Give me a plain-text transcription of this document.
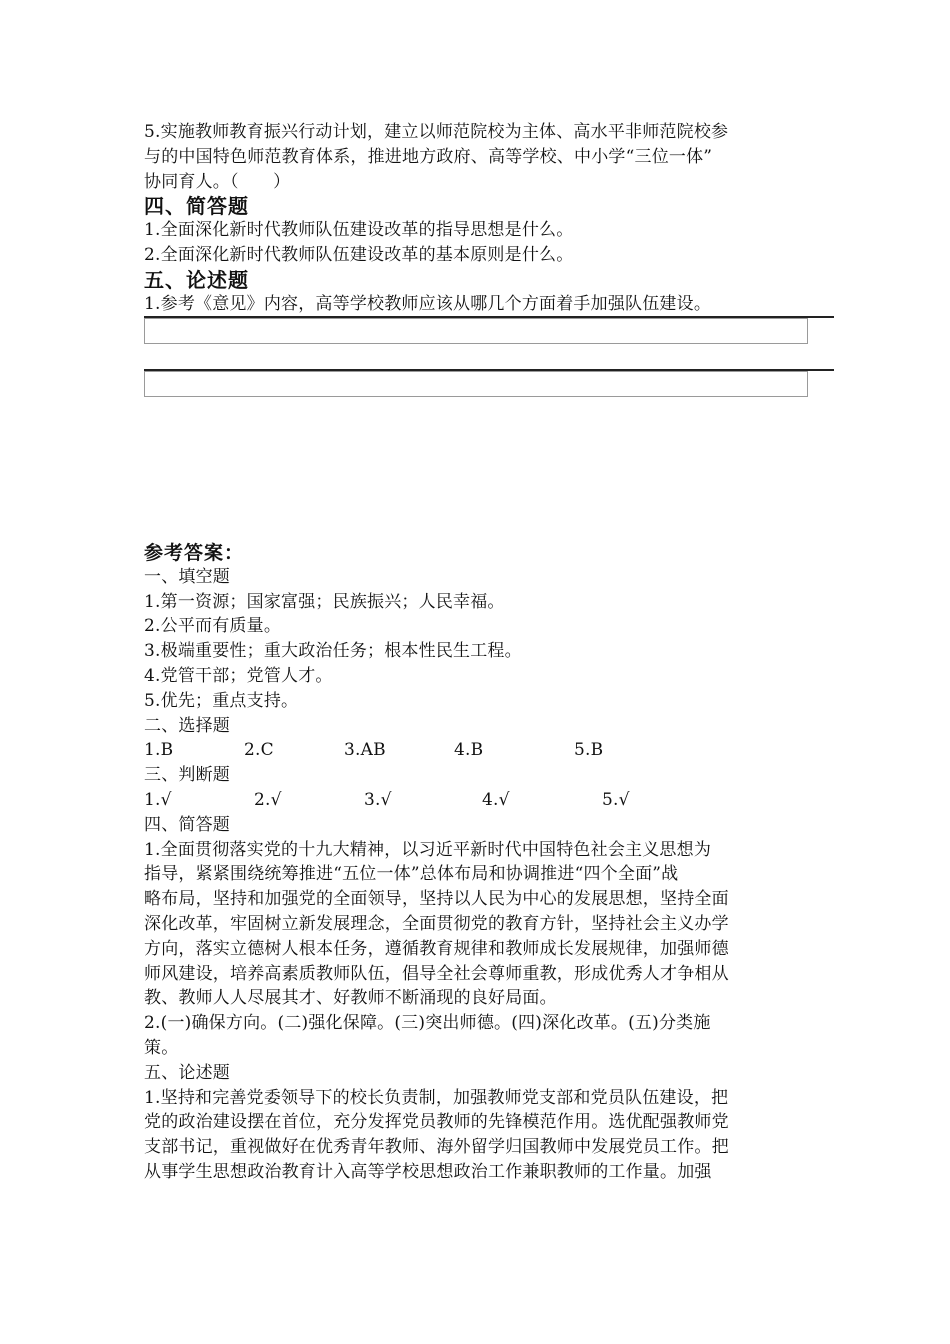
5.实施教师教育振兴行动计划，建立以师范院校为主体、高水平非师范院校参
与的中国特色师范教育体系，推进地方政府、高等学校、中小学“三位一体”
协同育人。（　　）
四、简答题
1.全面深化新时代教师队伍建设改革的指导思想是什么。
2.全面深化新时代教师队伍建设改革的基本原则是什么。
五、论述题
1.参考《意见》内容，高等学校教师应该从哪几个方面着手加强队伍建设。
参考答案：
一、填空题
1.第一资源；国家富强；民族振兴；人民幸福。
2.公平而有质量。
3.极端重要性；重大政治任务；根本性民生工程。
4.党管干部；党管人才。
5.优先；重点支持。
二、选择题
1.B	2.C	3.AB	4.B	5.B
三、判断题
1.√	2.√	3.√	4.√	5.√
四、简答题
1.全面贯彻落实党的十九大精神，以习近平新时代中国特色社会主义思想为
指导，紧紧围绕统筹推进“五位一体”总体布局和协调推进“四个全面”战
略布局，坚持和加强党的全面领导，坚持以人民为中心的发展思想，坚持全面
深化改革，牢固树立新发展理念，全面贯彻党的教育方针，坚持社会主义办学
方向，落实立德树人根本任务，遵循教育规律和教师成长发展规律，加强师德
师风建设，培养高素质教师队伍，倡导全社会尊师重教，形成优秀人才争相从
教、教师人人尽展其才、好教师不断涌现的良好局面。
2.(一)确保方向。(二)强化保障。(三)突出师德。(四)深化改革。(五)分类施
策。
五、论述题
1.坚持和完善党委领导下的校长负责制，加强教师党支部和党员队伍建设，把
党的政治建设摆在首位，充分发挥党员教师的先锋模范作用。选优配强教师党
支部书记，重视做好在优秀青年教师、海外留学归国教师中发展党员工作。把
从事学生思想政治教育计入高等学校思想政治工作兼职教师的工作量。加强
